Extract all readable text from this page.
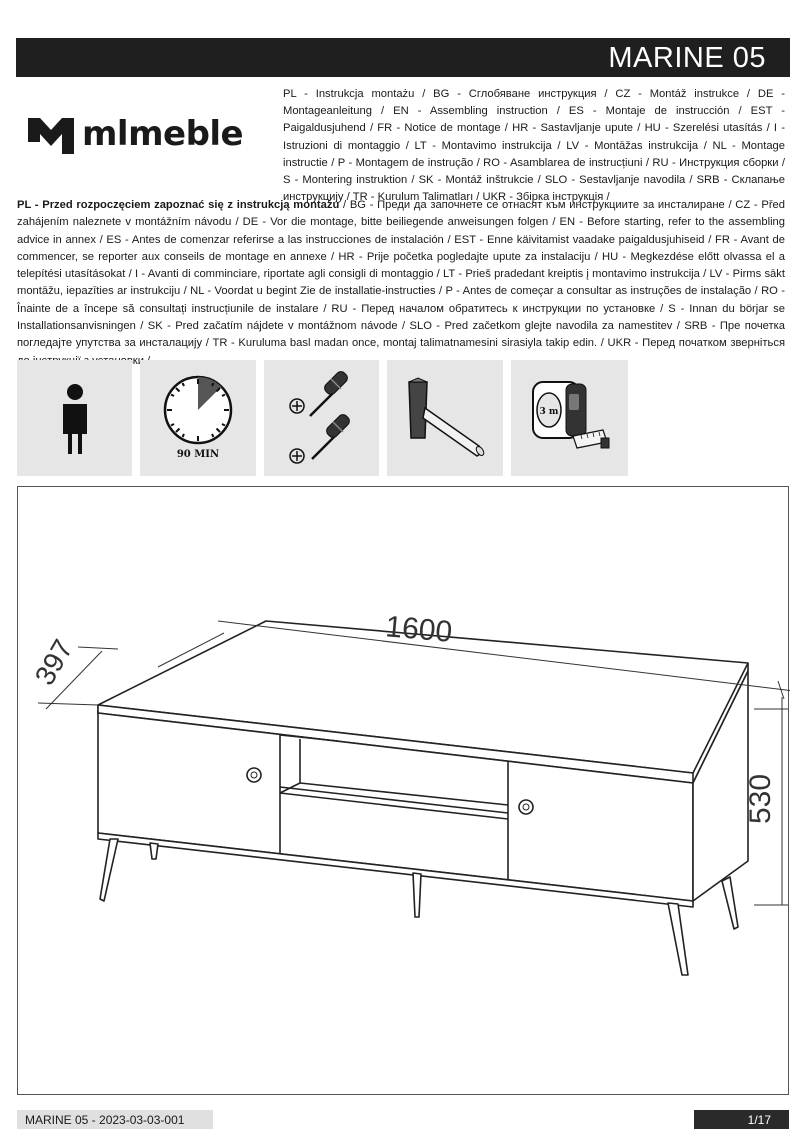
MARINE 05
mlmeble
PL - Instrukcja montażu / BG - Сглобяване инструкция / CZ - Montáž instrukce / DE - Montageanleitung / EN - Assembling instruction / ES - Montaje de instrucción / EST - Paigaldusjuhend / FR - Notice de montage / HR - Sastavljanje upute / HU - Szerelési utasítás / I - Istruzioni di montaggio / LT - Montavimo instrukcija / LV - Montāžas instrukcija / NL - Montage instructie / P - Montagem de instrução / RO - Asamblarea de instrucțiuni / RU - Инструкция сборки / S - Montering instruktion / SK - Montáž inštrukcie / SLO - Sestavljanje navodila / SRB - Склапање инструкцију / TR - Kurulum Talimatları / UKR - Збірка інструкція /
PL - Przed rozpoczęciem zapoznać się z instrukcją montażu / BG - Преди да започнете се отнасят към инструкциите за инсталиране / CZ - Před zahájením naleznete v montážním návodu / DE - Vor die montage, bitte beiliegende anweisungen folgen / EN - Before starting, refer to the assembling advice in annex / ES - Antes de comenzar referirse a las instrucciones de instalación / EST - Enne käivitamist vaadake paigaldusjuhiseid / FR - Avant de commencer, se reporter aux conseils de montage en annexe / HR - Prije početka pogledajte upute za instalaciju / HU - Megkezdése előtt olvassa el a telepítési utasításokat / I - Avanti di comminciare, riportate agli consigli di montaggio / LT - Prieš pradedant kreiptis į montavimo instrukcija / LV - Pirms sākt montāžu, iepazīties ar instrukciju / NL - Voordat u begint Zie de installatie-instructies / P - Antes de começar a consultar as instruções de instalação / RO - Înainte de a începe să consultați instrucțiunile de instalare / RU - Перед началом обратитесь к инструкции по установке / S - Innan du börjar se Installationsanvisningen / SK - Pred začatím nájdete v montážnom návode / SLO - Pred začetkom glejte navodila za namestitev / SRB - Пре почетка погледајте упутства за инсталацију / TR - Kuruluma basl madan once, montaj talimatnamesini sirasiyla takip edin. / UKR - Перед початком зверніться
90 MIN
3 m
1600
397
530
MARINE 05 - 2023-03-03-001	1/17
